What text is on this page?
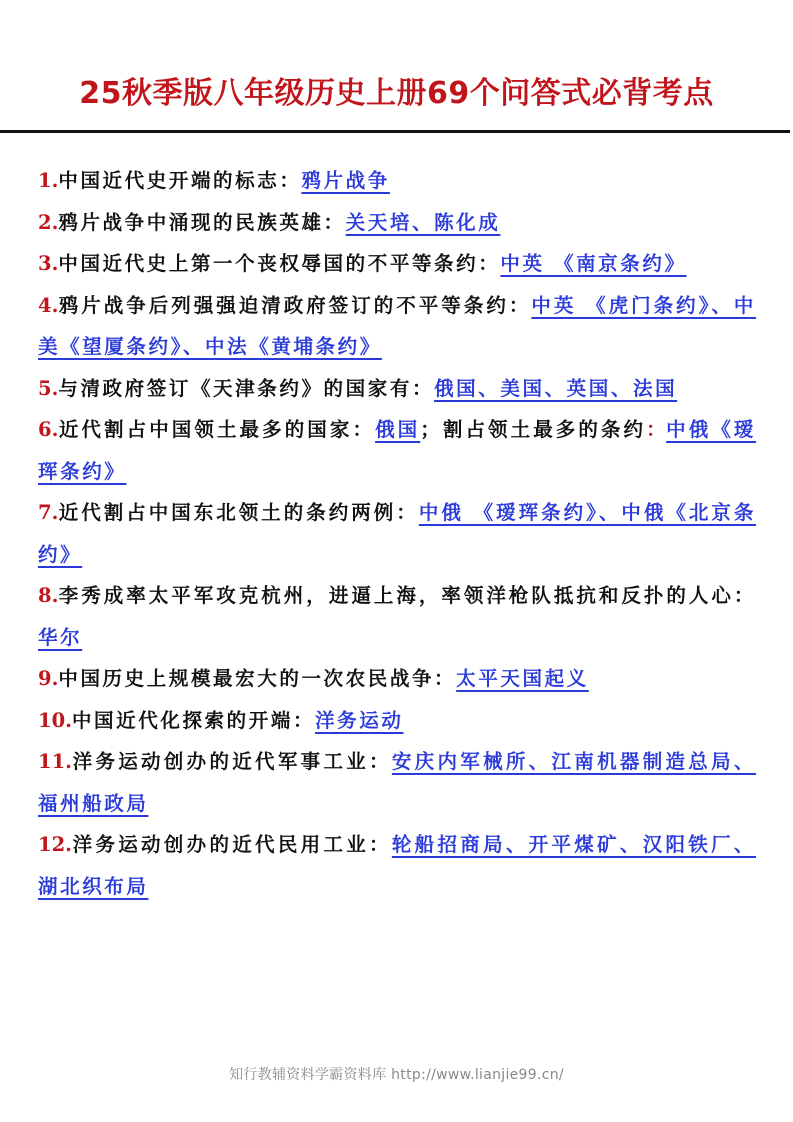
25秋季版八年级历史上册69个问答式必背考点
1.中国近代史开端的标志：鸦片战争
2.鸦片战争中涌现的民族英雄：关天培、陈化成
3.中国近代史上第一个丧权辱国的不平等条约：中英 《南京条约》
4.鸦片战争后列强强迫清政府签订的不平等条约：中英 《虎门条约》、中美《望厦条约》、中法《黄埔条约》
5.与清政府签订《天津条约》的国家有：俄国、美国、英国、法国
6.近代割占中国领土最多的国家：俄国；割占领土最多的条约：中俄《瑷珲条约》
7.近代割占中国东北领土的条约两例：中俄 《瑷珲条约》、中俄《北京条约》
8.李秀成率太平军攻克杭州，进逼上海，率领洋枪队抵抗和反扑的人心：华尔
9.中国历史上规模最宏大的一次农民战争：太平天国起义
10.中国近代化探索的开端：洋务运动
11.洋务运动创办的近代军事工业：安庆内军械所、江南机器制造总局、福州船政局
12.洋务运动创办的近代民用工业：轮船招商局、开平煤矿、汉阳铁厂、湖北织布局
知行教辅资料学霸资料库 http://www.lianjie99.cn/
